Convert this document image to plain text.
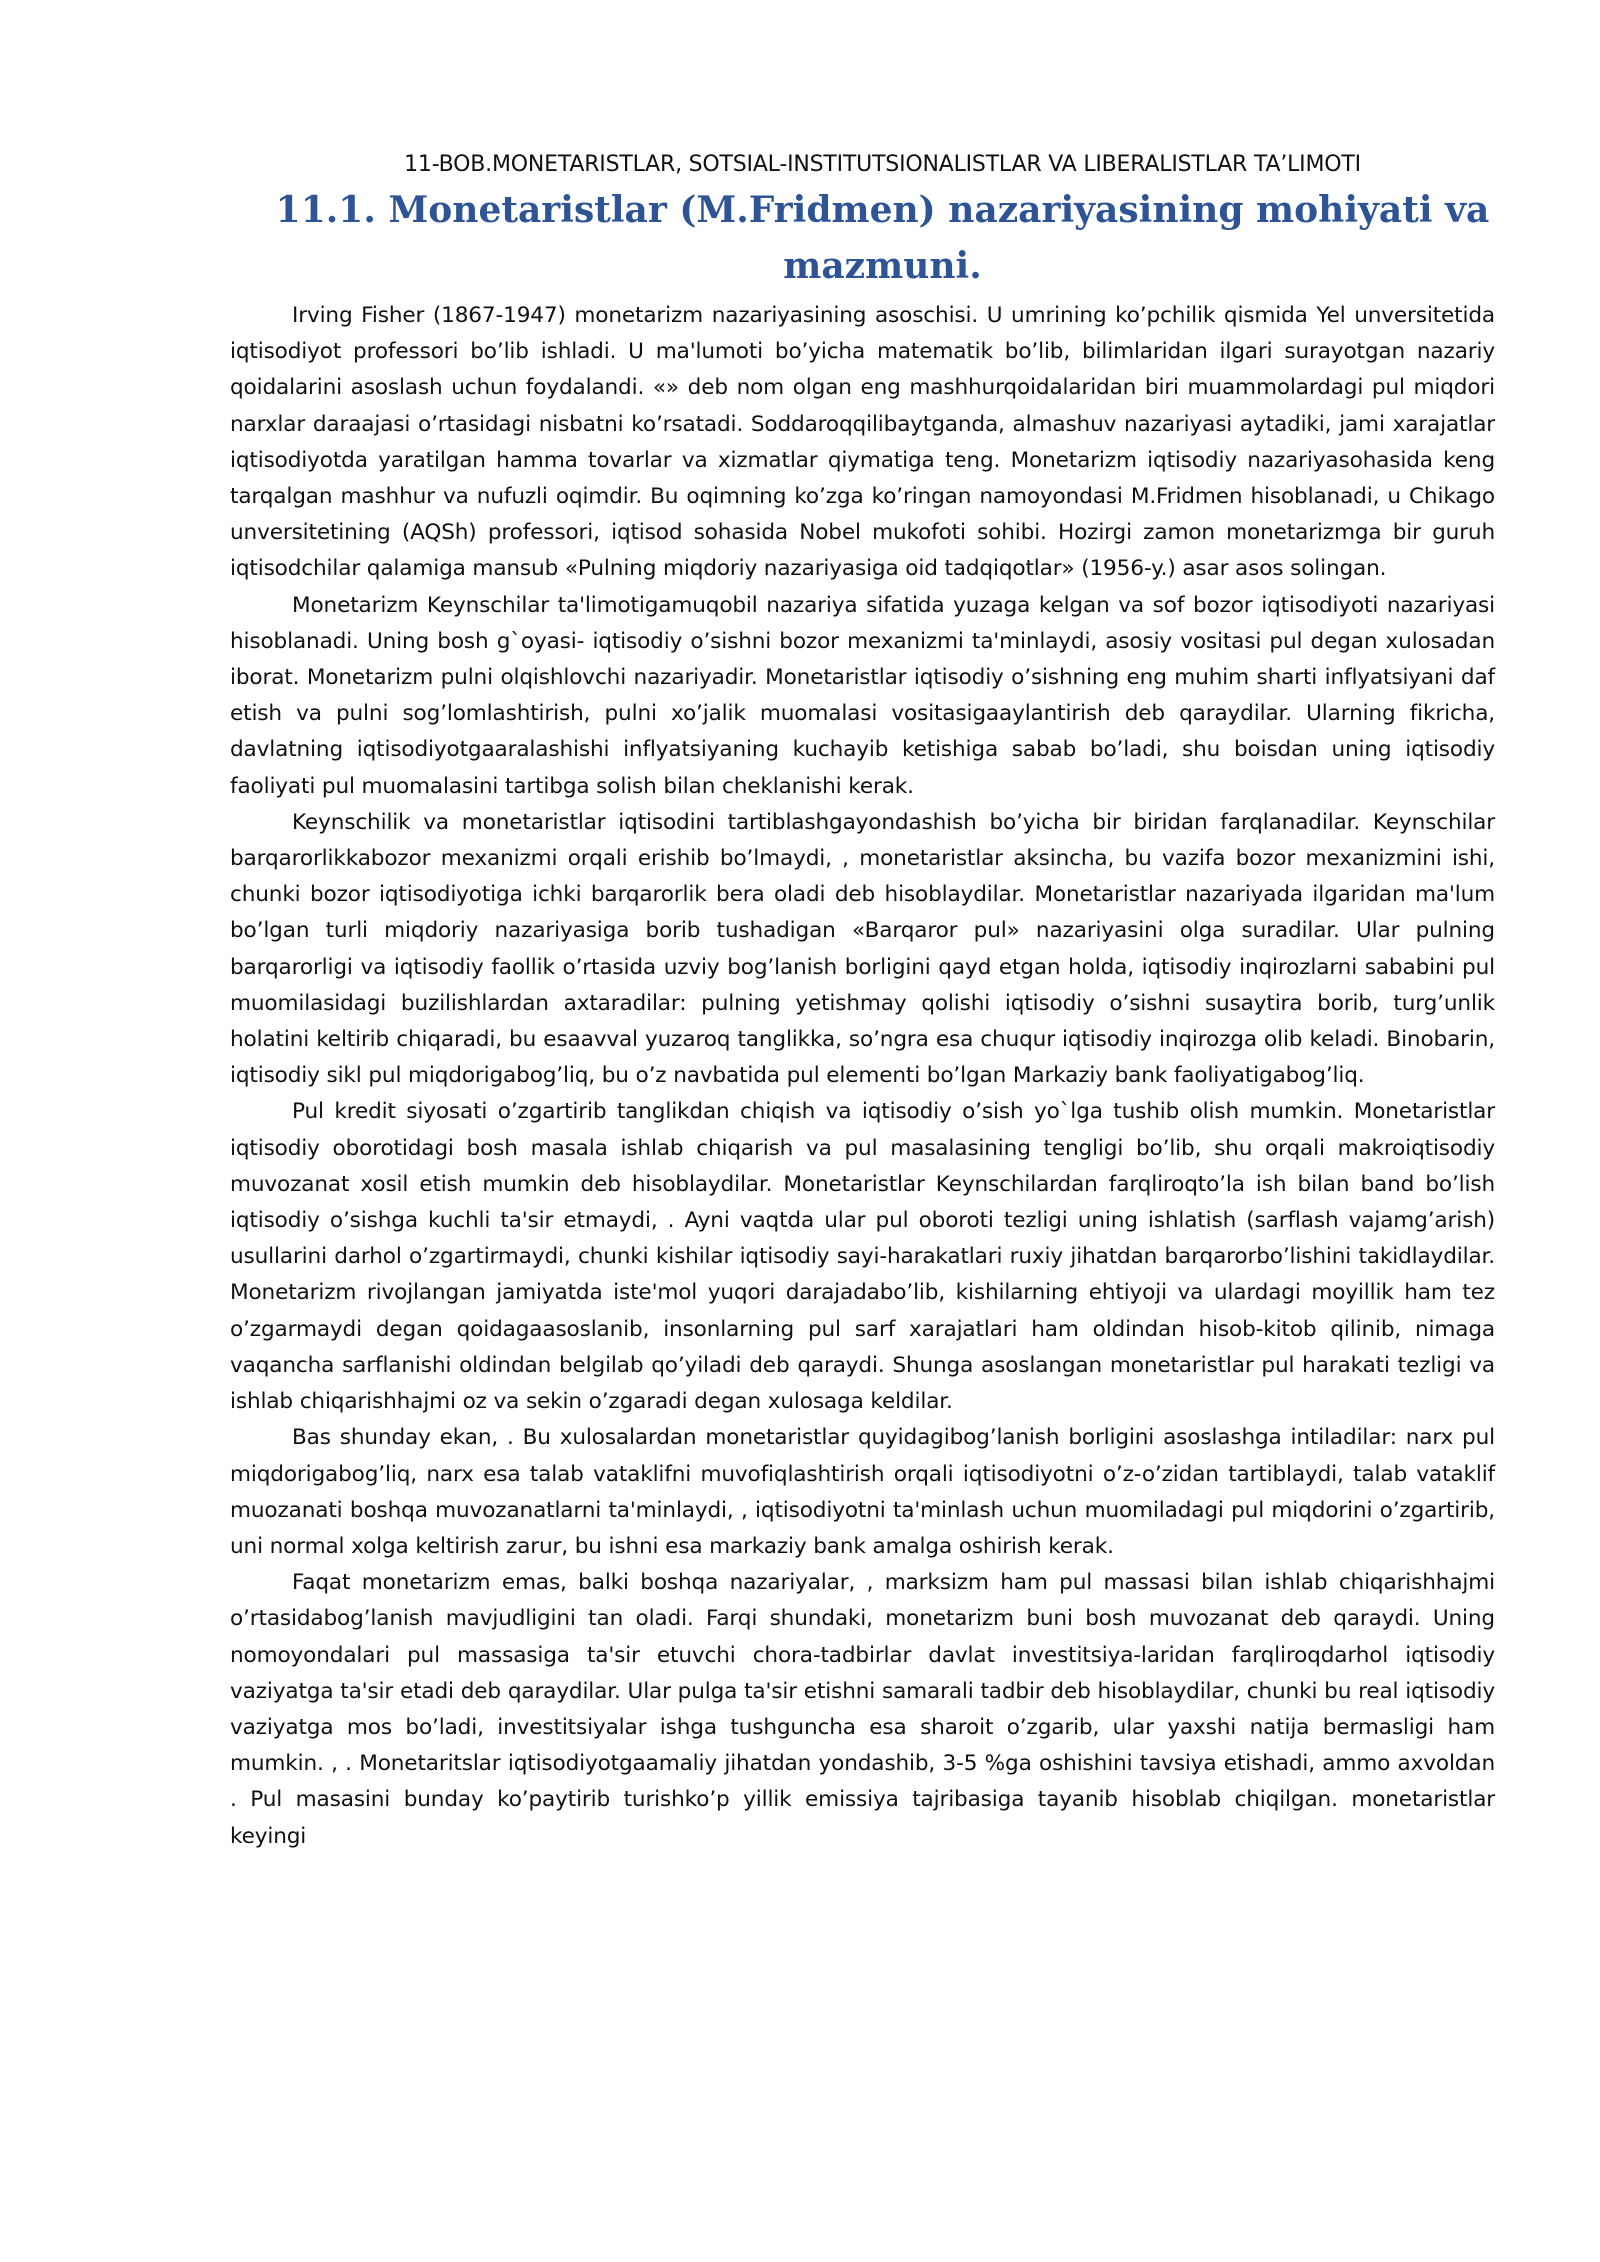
11-BOB.MONETARISTLAR, SOTSIAL-INSTITUTSIONALISTLAR VA LIBERALISTLAR TA’LIMOTI
11.1. Monetaristlar (M.Fridmen) nazariyasining mohiyati va mazmuni.

Irving Fisher (1867-1947) monetarizm nazariyasining asoschisi. U umrining ko’pchilik qismida Yel unversitetida iqtisodiyot professori bo’lib ishladi. U ma'lumoti bo’yicha matematik bo’lib, bilimlaridan ilgari surayotgan nazariy qoidalarini asoslash uchun foydalandi. «» deb nom olgan eng mashhurqoidalaridan biri muammolardagi pul miqdori narxlar daraajasi o’rtasidagi nisbatni ko’rsatadi. Soddaroqqilibaytganda, almashuv nazariyasi aytadiki, jami xarajatlar iqtisodiyotda yaratilgan hamma tovarlar va xizmatlar qiymatiga teng. Monetarizm iqtisodiy nazariyasohasida keng tarqalgan mashhur va nufuzli oqimdir. Bu oqimning ko’zga ko’ringan namoyondasi M.Fridmen hisoblanadi, u Chikago unversitetining (AQSh) professori, iqtisod sohasida Nobel mukofoti sohibi. Hozirgi zamon monetarizmga bir guruh iqtisodchilar qalamiga mansub «Pulning miqdoriy nazariyasiga oid tadqiqotlar» (1956-y.) asar asos solingan.

Monetarizm Keynschilar ta'limotigamuqobil nazariya sifatida yuzaga kelgan va sof bozor iqtisodiyoti nazariyasi hisoblanadi. Uning bosh g`oyasi- iqtisodiy o’sishni bozor mexanizmi ta'minlaydi, asosiy vositasi pul degan xulosadan iborat. Monetarizm pulni olqishlovchi nazariyadir. Monetaristlar iqtisodiy o’sishning eng muhim sharti inflyatsiyani daf etish va pulni sog’lomlashtirish, pulni xo’jalik muomalasi vositasigaaylantirish deb qaraydilar. Ularning fikricha, davlatning iqtisodiyotgaaralashishi inflyatsiyaning kuchayib ketishiga sabab bo’ladi, shu boisdan uning iqtisodiy faoliyati pul muomalasini tartibga solish bilan cheklanishi kerak.

Keynschilik va monetaristlar iqtisodini tartiblashgayondashish bo’yicha bir biridan farqlanadilar. Keynschilar barqarorlikkabozor mexanizmi orqali erishib bo’lmaydi, , monetaristlar aksincha, bu vazifa bozor mexanizmini ishi, chunki bozor iqtisodiyotiga ichki barqarorlik bera oladi deb hisoblaydilar. Monetaristlar nazariyada ilgaridan ma'lum bo’lgan turli miqdoriy nazariyasiga borib tushadigan «Barqaror pul» nazariyasini olga suradilar. Ular pulning barqarorligi va iqtisodiy faollik o’rtasida uzviy bog’lanish borligini qayd etgan holda, iqtisodiy inqirozlarni sababini pul muomilasidagi buzilishlardan axtaradilar: pulning yetishmay qolishi iqtisodiy o’sishni susaytira borib, turg’unlik holatini keltirib chiqaradi, bu esaavval yuzaroq tanglikka, so’ngra esa chuqur iqtisodiy inqirozga olib keladi. Binobarin, iqtisodiy sikl pul miqdorigabog’liq, bu o’z navbatida pul elementi bo’lgan Markaziy bank faoliyatigabog’liq.

Pul kredit siyosati o’zgartirib tanglikdan chiqish va iqtisodiy o’sish yo`lga tushib olish mumkin. Monetaristlar iqtisodiy oborotidagi bosh masala ishlab chiqarish va pul masalasining tengligi bo’lib, shu orqali makroiqtisodiy muvozanat xosil etish mumkin deb hisoblaydilar. Monetaristlar Keynschilardan farqliroqto’la ish bilan band bo’lish iqtisodiy o’sishga kuchli ta'sir etmaydi, . Ayni vaqtda ular pul oboroti tezligi uning ishlatish (sarflash vajamg’arish) usullarini darhol o’zgartirmaydi, chunki kishilar iqtisodiy sayi-harakatlari ruxiy jihatdan barqarorbo’lishini takidlaydilar. Monetarizm rivojlangan jamiyatda iste'mol yuqori darajadabo’lib, kishilarning ehtiyoji va ulardagi moyillik ham tez o’zgarmaydi degan qoidagaasoslanib, insonlarning pul sarf xarajatlari ham oldindan hisob-kitob qilinib, nimaga vaqancha sarflanishi oldindan belgilab qo’yiladi deb qaraydi. Shunga asoslangan monetaristlar pul harakati tezligi va ishlab chiqarishhajmi oz va sekin o’zgaradi degan xulosaga keldilar.

Bas shunday ekan, . Bu xulosalardan monetaristlar quyidagibog’lanish borligini asoslashga intiladilar: narx pul miqdorigabog’liq, narx esa talab vataklifni muvofiqlashtirish orqali iqtisodiyotni o’z-o’zidan tartiblaydi, talab vataklif muozanati boshqa muvozanatlarni ta'minlaydi, , iqtisodiyotni ta'minlash uchun muomiladagi pul miqdorini o’zgartirib, uni normal xolga keltirish zarur, bu ishni esa markaziy bank amalga oshirish kerak.

Faqat monetarizm emas, balki boshqa nazariyalar, , marksizm ham pul massasi bilan ishlab chiqarishhajmi o’rtasidabog’lanish mavjudligini tan oladi. Farqi shundaki, monetarizm buni bosh muvozanat deb qaraydi. Uning nomoyondalari pul massasiga ta'sir etuvchi chora-tadbirlar davlat investitsiya-laridan farqliroqdarhol iqtisodiy vaziyatga ta'sir etadi deb qaraydilar. Ular pulga ta'sir etishni samarali tadbir deb hisoblaydilar, chunki bu real iqtisodiy vaziyatga mos bo’ladi, investitsiyalar ishga tushguncha esa sharoit o’zgarib, ular yaxshi natija bermasligi ham mumkin. , . Monetaritslar iqtisodiyotgaamaliy jihatdan yondashib, 3-5 %ga oshishini tavsiya etishadi, ammo axvoldan . Pul masasini bunday ko’paytirib turishko’p yillik emissiya tajribasiga tayanib hisoblab chiqilgan. monetaristlar keyingi
